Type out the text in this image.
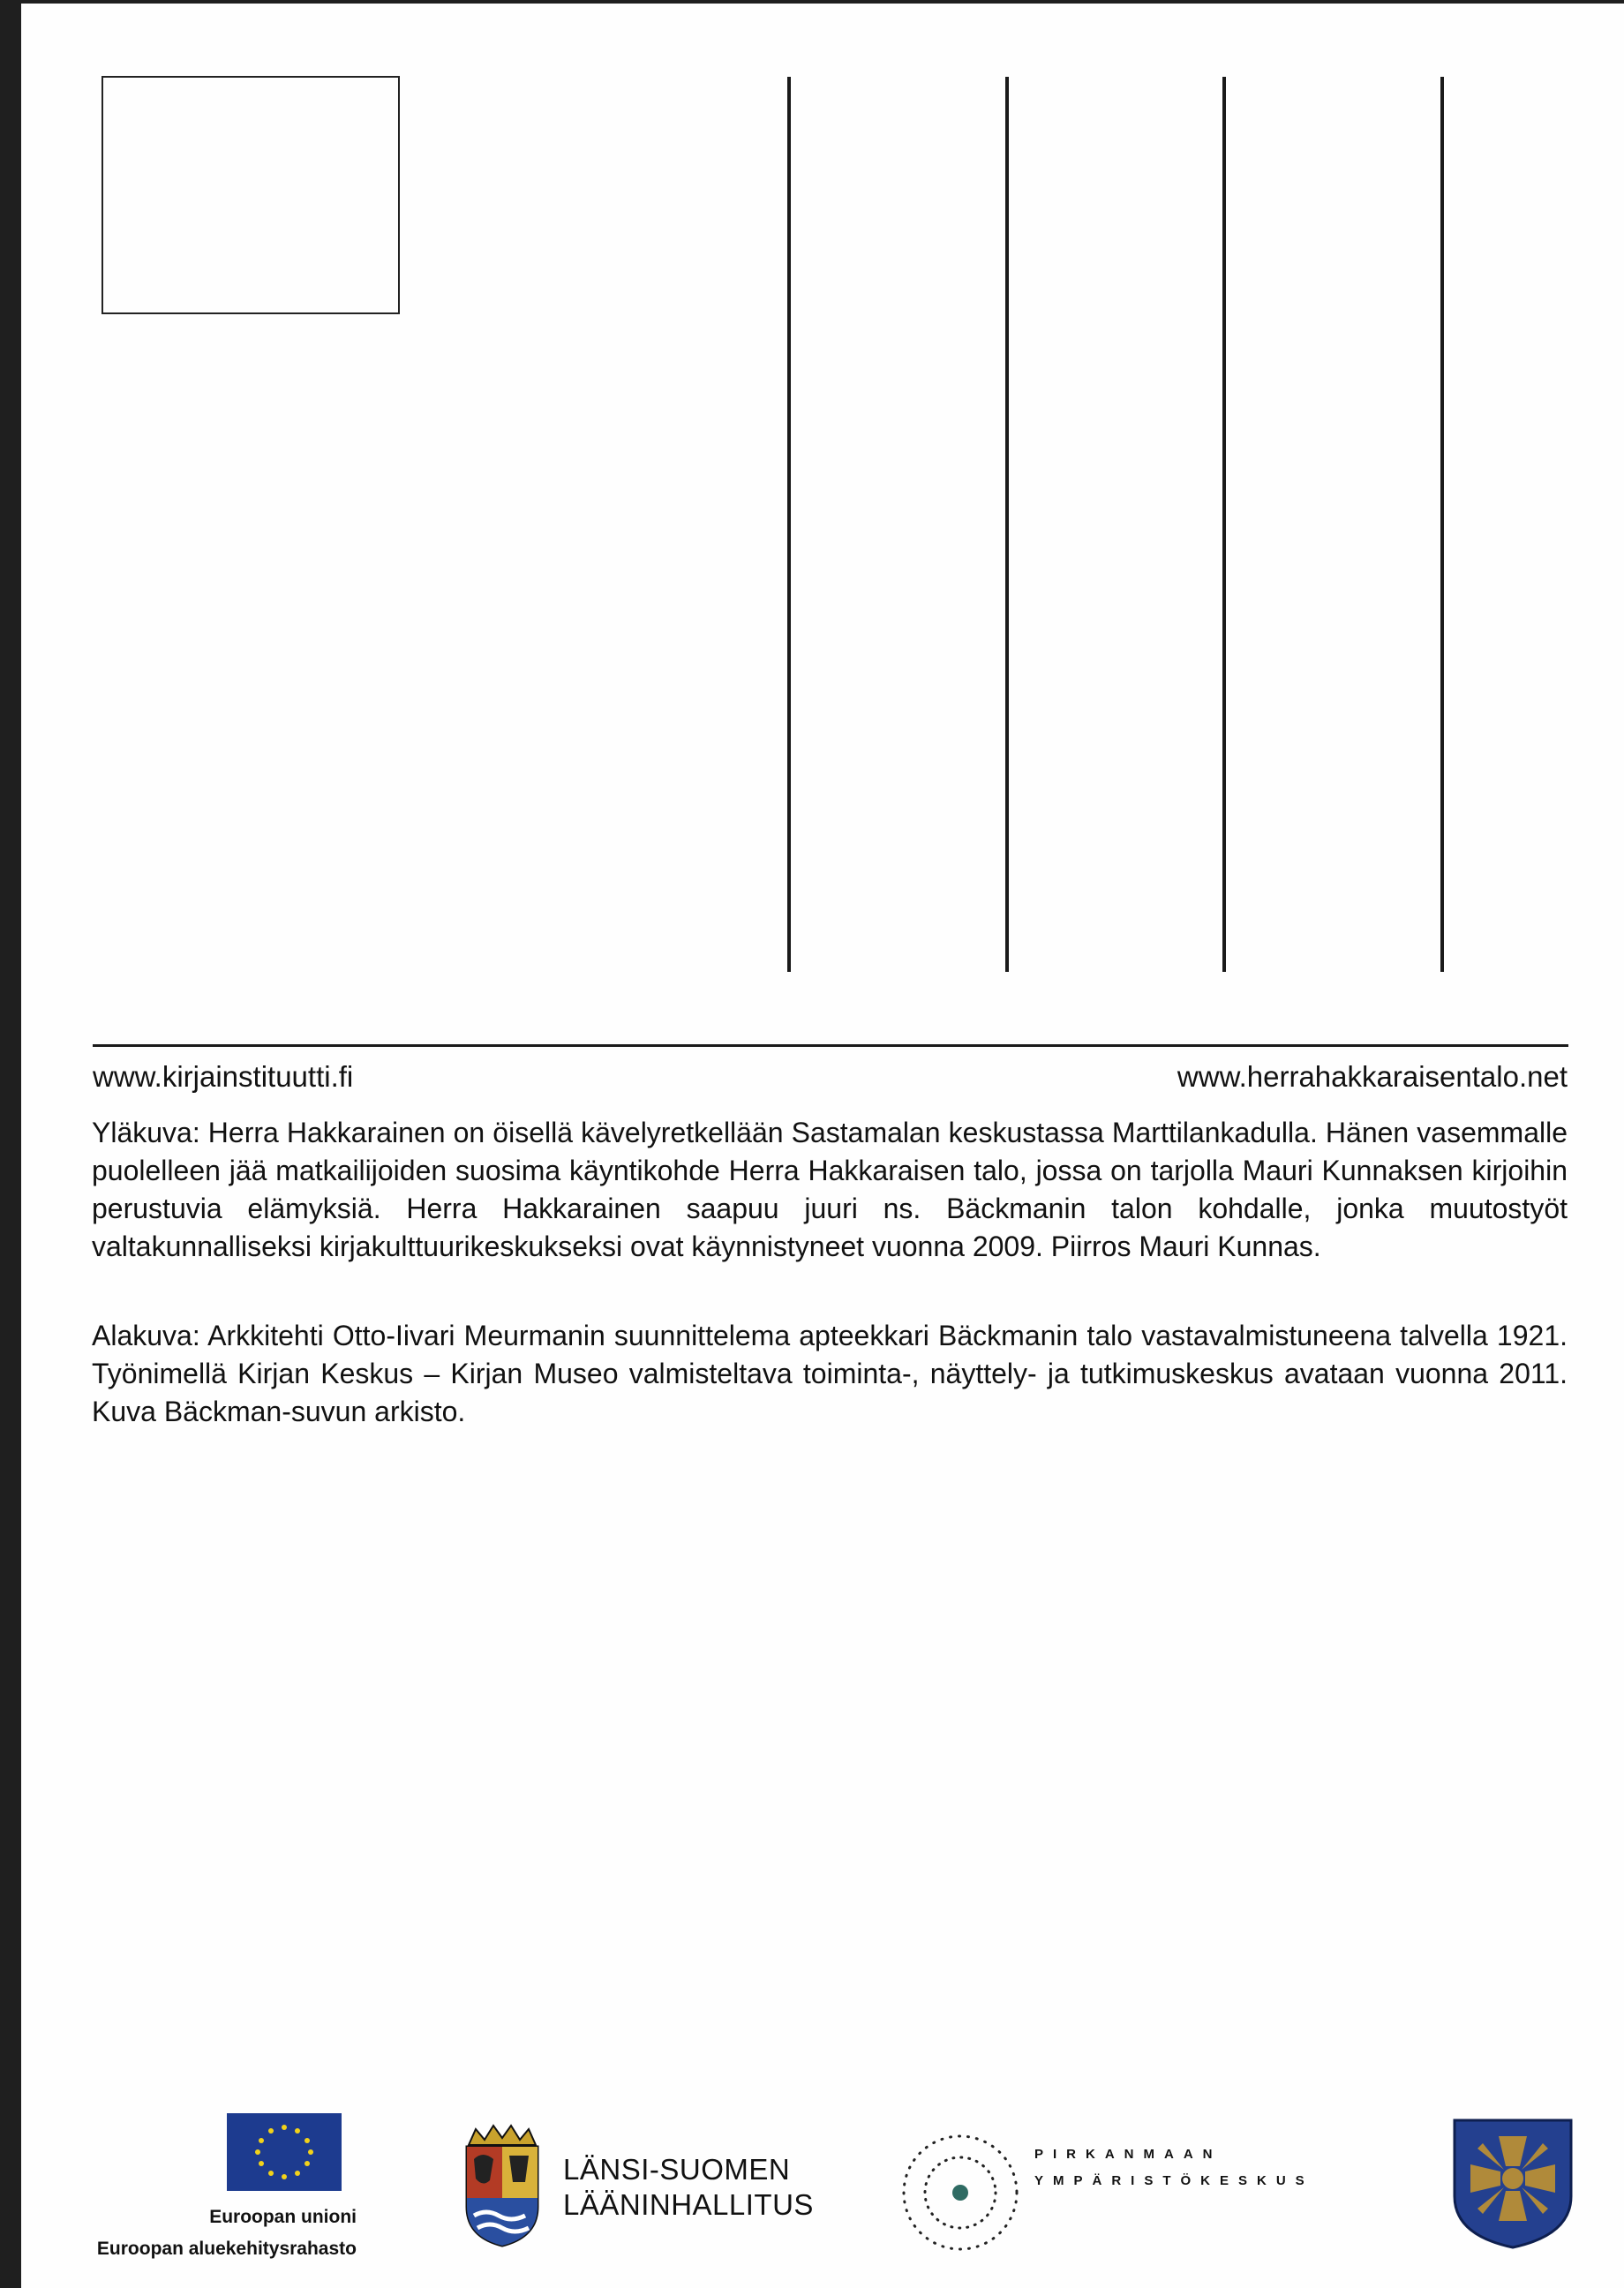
www.kirjainstituutti.fi	www.herrahakkaraisentalo.net

Yläkuva: Herra Hakkarainen on öisellä kävelyretkellään Sastamalan keskustassa Marttilankadulla. Hänen vasemmalle puolelleen jää matkailijoiden suosima käyntikohde Herra Hakkaraisen talo, jossa on tarjolla Mauri Kunnaksen kirjoihin perustuvia elämyksiä. Herra Hakkarainen saapuu juuri ns. Bäckmanin talon kohdalle, jonka muutostyöt valtakunnalliseksi kirjakulttuurikeskukseksi ovat käynnistyneet vuonna 2009. Piirros Mauri Kunnas.

Alakuva: Arkkitehti Otto-Iivari Meurmanin suunnittelema apteekkari Bäckmanin talo vastavalmistuneena talvella 1921. Työnimellä Kirjan Keskus – Kirjan Museo valmisteltava toiminta-, näyttely- ja tutkimuskeskus avataan vuonna 2011. Kuva Bäckman-suvun arkisto.

Euroopan unioni
Euroopan aluekehitysrahasto
LÄNSI-SUOMEN
LÄÄNINHALLITUS
PIRKANMAAN
YMPÄRISTÖKESKUS
